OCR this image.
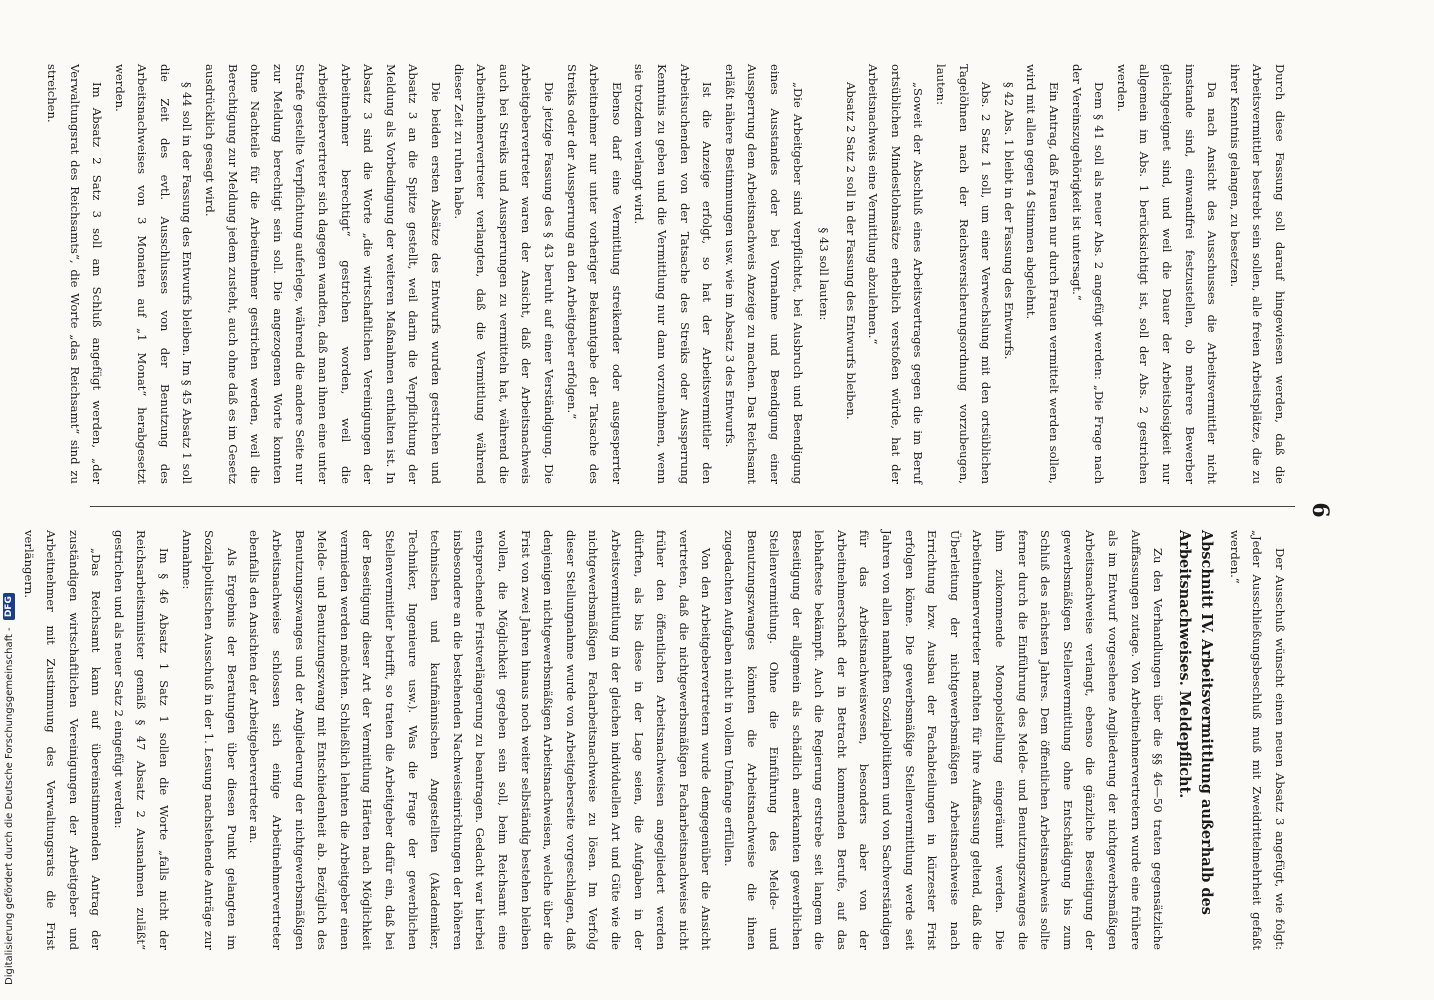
6

Durch diese Fassung soll darauf hingewiesen werden, daß die Arbeitsvermittler bestrebt sein sollen, alle freien Arbeitsplätze, die zu ihrer Kenntnis gelangen, zu besetzen.

Da nach Ansicht des Ausschusses die Arbeitsvermittler nicht imstande sind, einwandfrei festzustellen, ob mehrere Bewerber gleichgeeignet sind, und weil die Dauer der Arbeitslosigkeit nur allgemein im Abs. 1 berücksichtigt ist, soll der Abs. 2 gestrichen werden.

Dem § 41 soll als neuer Abs. 2 angefügt werden: „Die Frage nach der Vereinszugehörigkeit ist untersagt.“

Ein Antrag, daß Frauen nur durch Frauen vermittelt werden sollen, wird mit allen gegen 4 Stimmen abgelehnt.

§ 42 Abs. 1 bleibt in der Fassung des Entwurfs.

Abs. 2 Satz 1 soll, um einer Verwechslung mit den ortsüblichen Tagelöhnen nach der Reichsversicherungsordnung vorzubeugen, lauten:

„Soweit der Abschluß eines Arbeitsvertrages gegen die im Beruf ortsüblichen Mindestlohnsätze erheblich verstoßen würde, hat der Arbeitsnachweis eine Vermittlung abzulehnen.“

Absatz 2 Satz 2 soll in der Fassung des Entwurfs bleiben.

§ 43 soll lauten:

„Die Arbeitgeber sind verpflichtet, bei Ausbruch und Beendigung eines Ausstandes oder bei Vornahme und Beendigung einer Aussperrung dem Arbeitsnachweis Anzeige zu machen. Das Reichsamt erläßt nähere Bestimmungen usw. wie im Absatz 3 des Entwurfs.

Ist die Anzeige erfolgt, so hat der Arbeitsvermittler den Arbeitsuchenden von der Tatsache des Streiks oder Aussperrung Kenntnis zu geben und die Vermittlung nur dann vorzunehmen, wenn sie trotzdem verlangt wird.

Ebenso darf eine Vermittlung streikender oder ausgesperrter Arbeitnehmer nur unter vorheriger Bekanntgabe der Tatsache des Streiks oder der Aussperrung an den Arbeitgeber erfolgen.“

Die jetzige Fassung des § 43 beruht auf einer Verständigung. Die Arbeitgebervertreter waren der Ansicht, daß der Arbeitsnachweis auch bei Streiks und Aussperrungen zu vermitteln hat, während die Arbeitnehmervertreter verlangten, daß die Vermittlung während dieser Zeit zu ruhen habe.

Die beiden ersten Absätze des Entwurfs wurden gestrichen und Absatz 3 an die Spitze gestellt, weil darin die Verpflichtung der Meldung als Vorbedingung der weiteren Maßnahmen enthalten ist. In Absatz 3 sind die Worte „die wirtschaftlichen Vereinigungen der Arbeitnehmer berechtigt“ gestrichen worden, weil die Arbeitgebervertreter sich dagegen wandten, daß man ihnen eine unter Strafe gestellte Verpflichtung auferlege, während die andere Seite nur zur Meldung berechtigt sein soll. Die angezogenen Worte konnten ohne Nachteile für die Arbeitnehmer gestrichen werden, weil die Berechtigung zur Meldung jedem zusteht, auch ohne daß es im Gesetz ausdrücklich gesagt wird.

§ 44 soll in der Fassung des Entwurfs bleiben. Im § 45 Absatz 1 soll die Zeit des evtl. Ausschlusses von der Benutzung des Arbeitsnachweises von 3 Monaten auf „1 Monat“ herabgesetzt werden.

Im Absatz 2 Satz 3 soll am Schluß angefügt werden, „der Verwaltungsrat des Reichsamts“, die Worte „das Reichsamt“ sind zu streichen.

Der Ausschuß wünscht einen neuen Absatz 3 angefügt, wie folgt: „Jeder Ausschließungsbeschluß muß mit Zweidrittelmehrheit gefaßt werden.“

Abschnitt IV. Arbeitsvermittlung außerhalb des Arbeitsnachweises. Meldepflicht.

Zu den Verhandlungen über die §§ 46—50 traten gegensätzliche Auffassungen zutage. Von Arbeitnehmervertretern wurde eine frühere als im Entwurf vorgesehene Angliederung der nichtgewerbsmäßigen Arbeitsnachweise verlangt, ebenso die gänzliche Beseitigung der gewerbsmäßigen Stellenvermittlung ohne Entschädigung bis zum Schluß des nächsten Jahres. Dem öffentlichen Arbeitsnachweis sollte ferner durch die Einführung des Melde- und Benutzungszwanges die ihm zukommende Monopolstellung eingeräumt werden. Die Arbeitnehmervertreter machten für ihre Auffassung geltend, daß die Überleitung der nichtgewerbsmäßigen Arbeitsnachweise nach Errichtung bzw. Ausbau der Fachabteilungen in kürzester Frist erfolgen könne. Die gewerbsmäßige Stellenvermittlung werde seit Jahren von allen namhaften Sozialpolitikern und von Sachverständigen für das Arbeitsnachweiswesen, besonders aber von der Arbeitnehmerschaft der in Betracht kommenden Berufe, auf das lebhafteste bekämpft. Auch die Regierung erstrebe seit langem die Beseitigung der allgemein als schädlich anerkannten gewerblichen Stellenvermittlung. Ohne die Einführung des Melde- und Benutzungszwanges könnten die Arbeitsnachweise die ihnen zugedachten Aufgaben nicht in vollem Umfange erfüllen.

Von den Arbeitgebervertretern wurde demgegenüber die Ansicht vertreten, daß die nichtgewerbsmäßigen Facharbeitsnachweise nicht früher den öffentlichen Arbeitsnachweisen angegliedert werden dürften, als bis diese in der Lage seien, die Aufgaben in der Arbeitsvermittlung in der gleichen individuellen Art und Güte wie die nichtgewerbsmäßigen Facharbeitsnachweise zu lösen. Im Verfolg dieser Stellungnahme wurde von Arbeitgeberseite vorgeschlagen, daß denjenigen nichtgewerbsmäßigen Arbeitsnachweisen, welche über die Frist von zwei Jahren hinaus noch weiter selbständig bestehen bleiben wollen, die Möglichkeit gegeben sein soll, beim Reichsamt eine entsprechende Fristverlängerung zu beantragen. Gedacht war hierbei insbesondere an die bestehenden Nachweiseinrichtungen der höheren technischen und kaufmännischen Angestellten (Akademiker, Techniker, Ingenieure usw.). Was die Frage der gewerblichen Stellenvermittler betrifft, so traten die Arbeitgeber dafür ein, daß bei der Beseitigung dieser Art der Vermittlung Härten nach Möglichkeit vermieden werden möchten. Schließlich lehnten die Arbeitgeber einen Melde- und Benutzungszwang mit Entschiedenheit ab. Bezüglich des Benutzungszwanges und der Angliederung der nichtgewerbsmäßigen Arbeitsnachweise schlossen sich einige Arbeitnehmervertreter ebenfalls den Ansichten der Arbeitgebervertreter an.

Als Ergebnis der Beratungen über diesen Punkt gelangten im Sozialpolitischen Ausschuß in der 1. Lesung nachstehende Anträge zur Annahme:

Im § 46 Absatz 1 Satz 1 sollen die Worte „falls nicht der Reichsarbeitsminister gemäß § 47 Absatz 2 Ausnahmen zuläßt“ gestrichen und als neuer Satz 2 eingefügt werden:

„Das Reichsamt kann auf übereinstimmenden Antrag der zuständigen wirtschaftlichen Vereinigungen der Arbeitgeber und Arbeitnehmer mit Zustimmung des Verwaltungsrats die Frist verlängern.

Digitalisierung gefördert durch die Deutsche Forschungsgemeinschaft - DFG
